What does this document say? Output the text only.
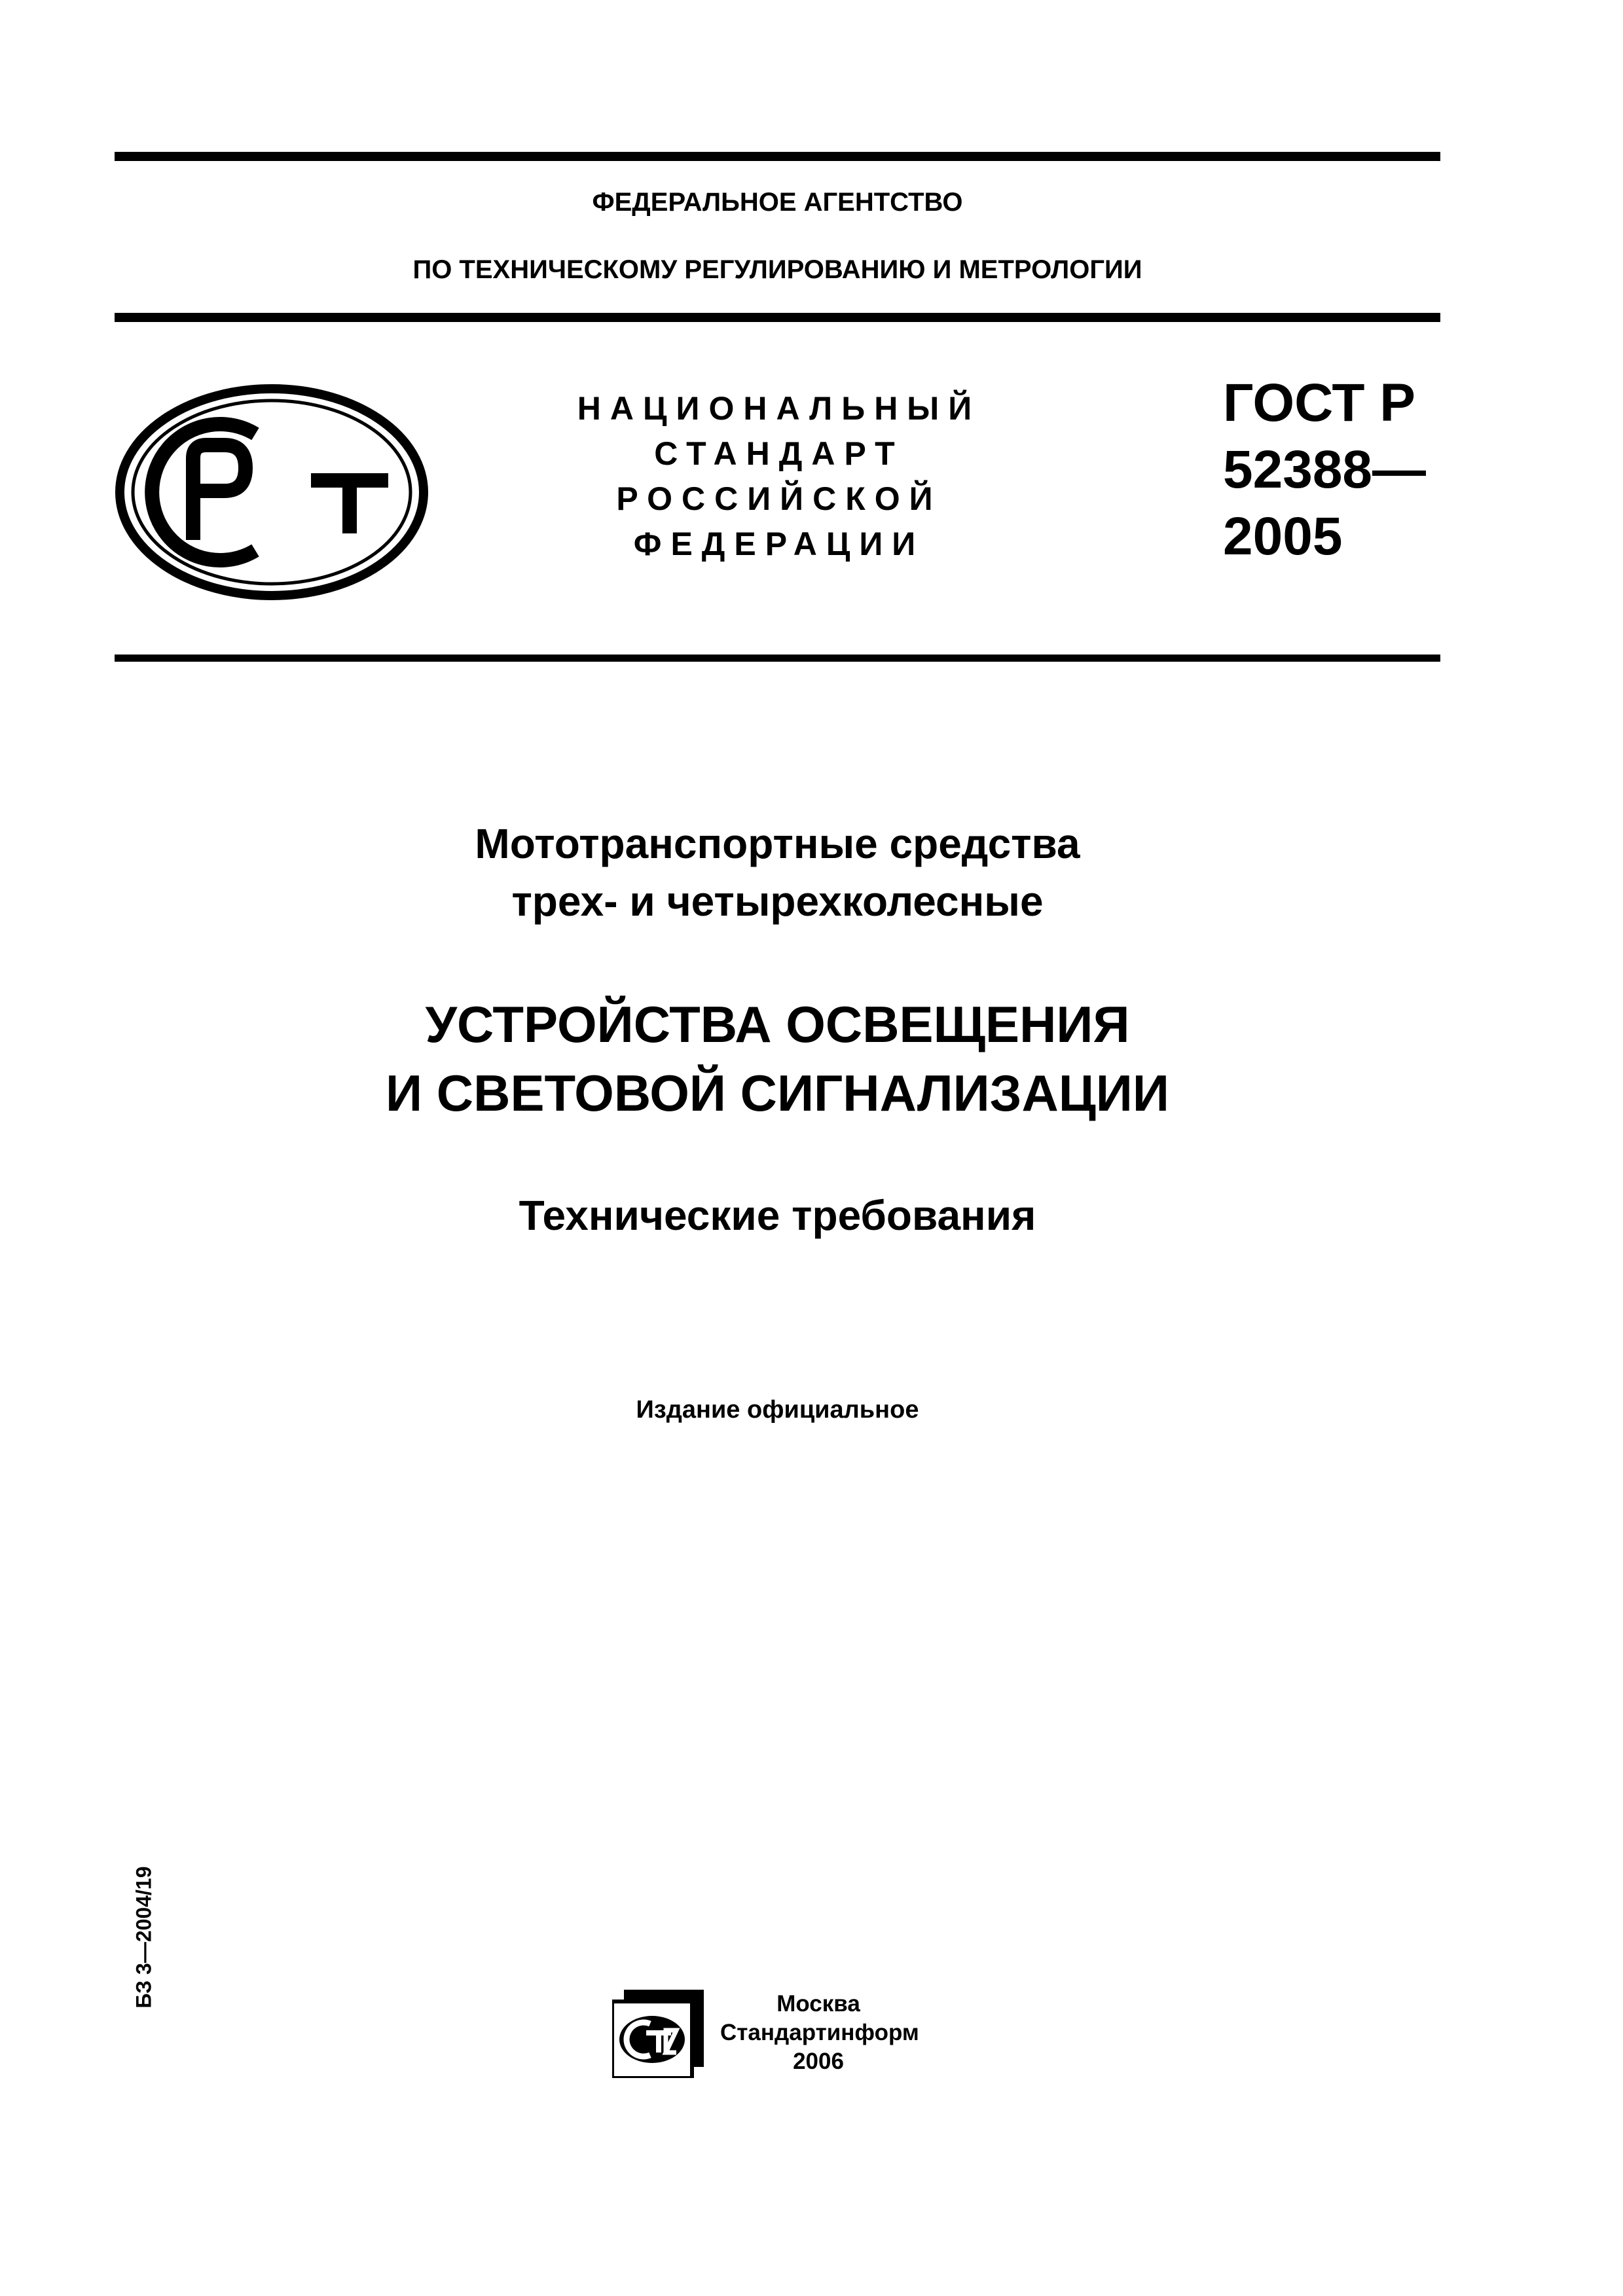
ФЕДЕРАЛЬНОЕ АГЕНТСТВО
ПО ТЕХНИЧЕСКОМУ РЕГУЛИРОВАНИЮ И МЕТРОЛОГИИ
НАЦИОНАЛЬНЫЙ
СТАНДАРТ
РОССИЙСКОЙ
ФЕДЕРАЦИИ
ГОСТ Р
52388—
2005
Мототранспортные средства
трех- и четырехколесные
УСТРОЙСТВА ОСВЕЩЕНИЯ
И СВЕТОВОЙ СИГНАЛИЗАЦИИ
Технические требования
Издание официальное
БЗ 3—2004/19	Москва
Стандартинформ
2006
